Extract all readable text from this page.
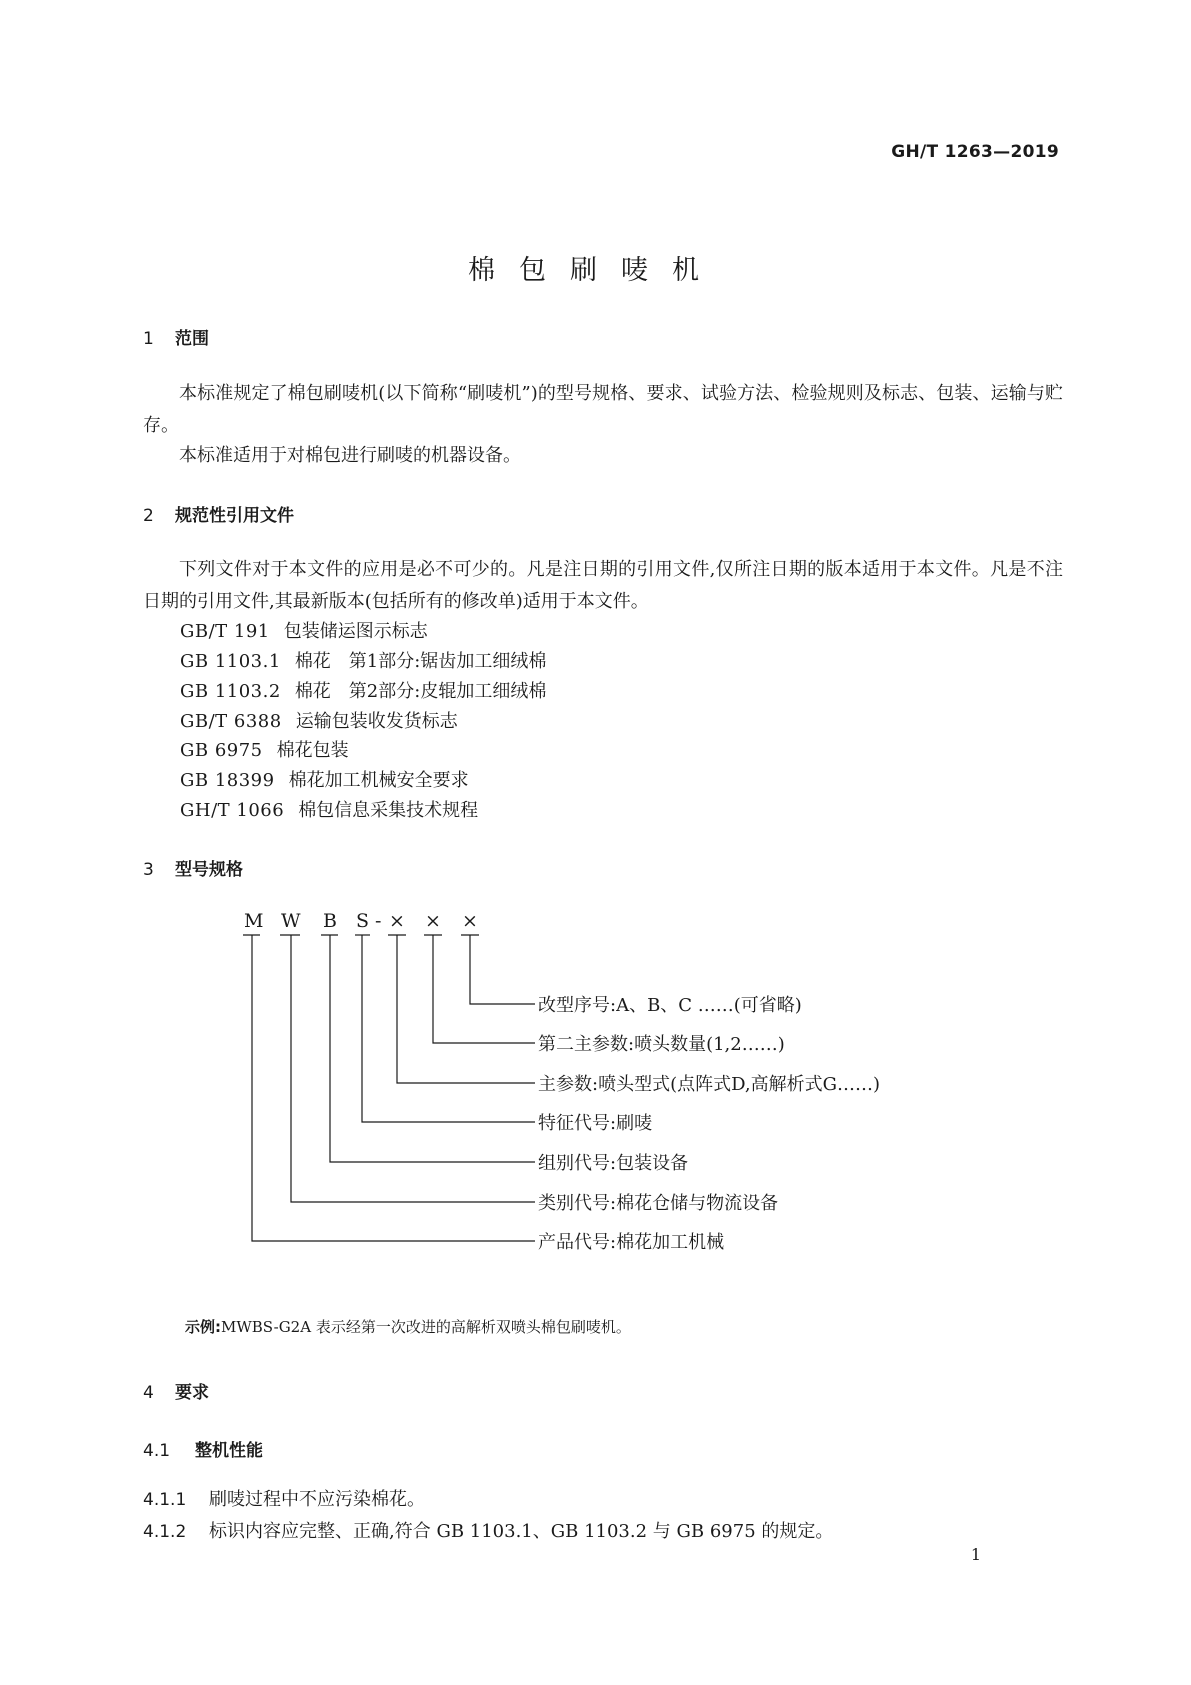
GH/T 1263—2019
棉包刷唛机
1 范围
本标准规定了棉包刷唛机(以下简称“刷唛机”)的型号规格、要求、试验方法、检验规则及标志、包装、运输与贮存。
本标准适用于对棉包进行刷唛的机器设备。
2 规范性引用文件
下列文件对于本文件的应用是必不可少的。凡是注日期的引用文件,仅所注日期的版本适用于本文件。凡是不注日期的引用文件,其最新版本(包括所有的修改单)适用于本文件。
GB/T 191 包装储运图示标志
GB 1103.1 棉花　第1部分:锯齿加工细绒棉
GB 1103.2 棉花　第2部分:皮辊加工细绒棉
GB/T 6388 运输包装收发货标志
GB 6975 棉花包装
GB 18399 棉花加工机械安全要求
GH/T 1066 棉包信息采集技术规程
3 型号规格
M W B S - × × ×
改型序号:A、B、C ……(可省略)
第二主参数:喷头数量(1,2……)
主参数:喷头型式(点阵式D,高解析式G……)
特征代号:刷唛
组别代号:包装设备
类别代号:棉花仓储与物流设备
产品代号:棉花加工机械
示例:MWBS-G2A 表示经第一次改进的高解析双喷头棉包刷唛机。
4 要求
4.1 整机性能
4.1.1 刷唛过程中不应污染棉花。
4.1.2 标识内容应完整、正确,符合 GB 1103.1、GB 1103.2 与 GB 6975 的规定。
1
